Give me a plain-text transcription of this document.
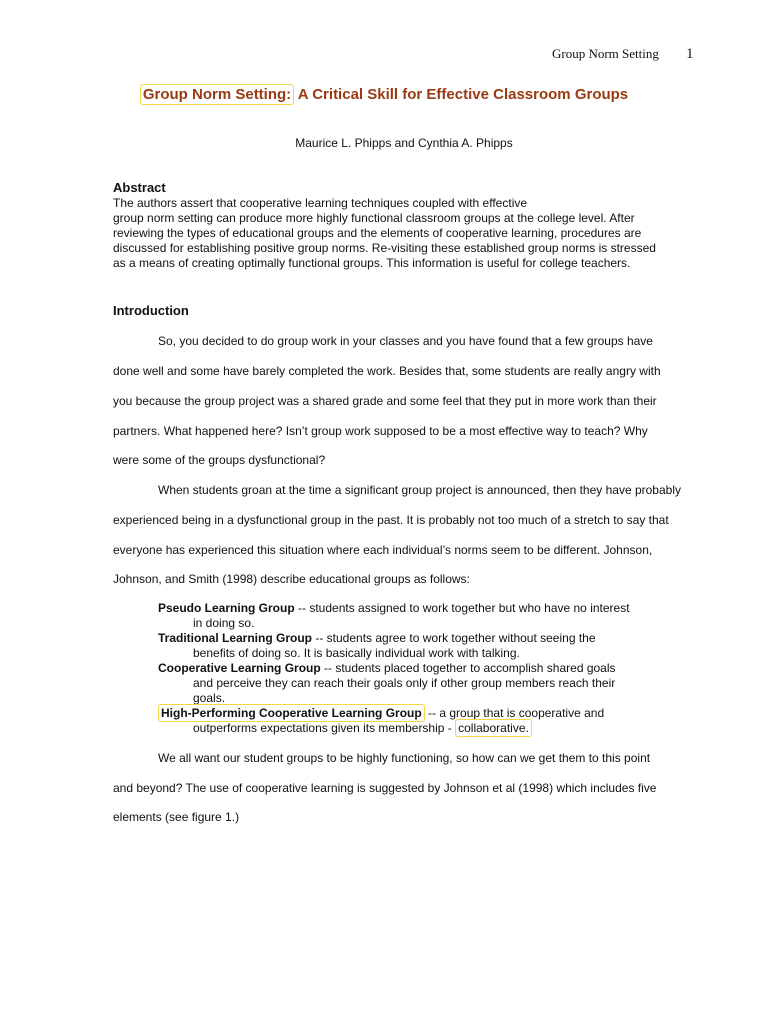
Group Norm Setting 1
Group Norm Setting: A Critical Skill for Effective Classroom Groups
Maurice L. Phipps and Cynthia A. Phipps
Abstract
The authors assert that cooperative learning techniques coupled with effective
group norm setting can produce more highly functional classroom groups at the college level. After
reviewing the types of educational groups and the elements of cooperative learning, procedures are
discussed for establishing positive group norms. Re-visiting these established group norms is stressed
as a means of creating optimally functional groups. This information is useful for college teachers.
Introduction
So, you decided to do group work in your classes and you have found that a few groups have
done well and some have barely completed the work. Besides that, some students are really angry with
you because the group project was a shared grade and some feel that they put in more work than their
partners. What happened here? Isn’t group work supposed to be a most effective way to teach? Why
were some of the groups dysfunctional?
When students groan at the time a significant group project is announced, then they have probably
experienced being in a dysfunctional group in the past. It is probably not too much of a stretch to say that
everyone has experienced this situation where each individual’s norms seem to be different. Johnson,
Johnson, and Smith (1998) describe educational groups as follows:
Pseudo Learning Group -- students assigned to work together but who have no interest
in doing so.
Traditional Learning Group -- students agree to work together without seeing the
benefits of doing so. It is basically individual work with talking.
Cooperative Learning Group -- students placed together to accomplish shared goals
and perceive they can reach their goals only if other group members reach their
goals.
High-Performing Cooperative Learning Group -- a group that is cooperative and
outperforms expectations given its membership - collaborative.
We all want our student groups to be highly functioning, so how can we get them to this point
and beyond? The use of cooperative learning is suggested by Johnson et al (1998) which includes five
elements (see figure 1.)
